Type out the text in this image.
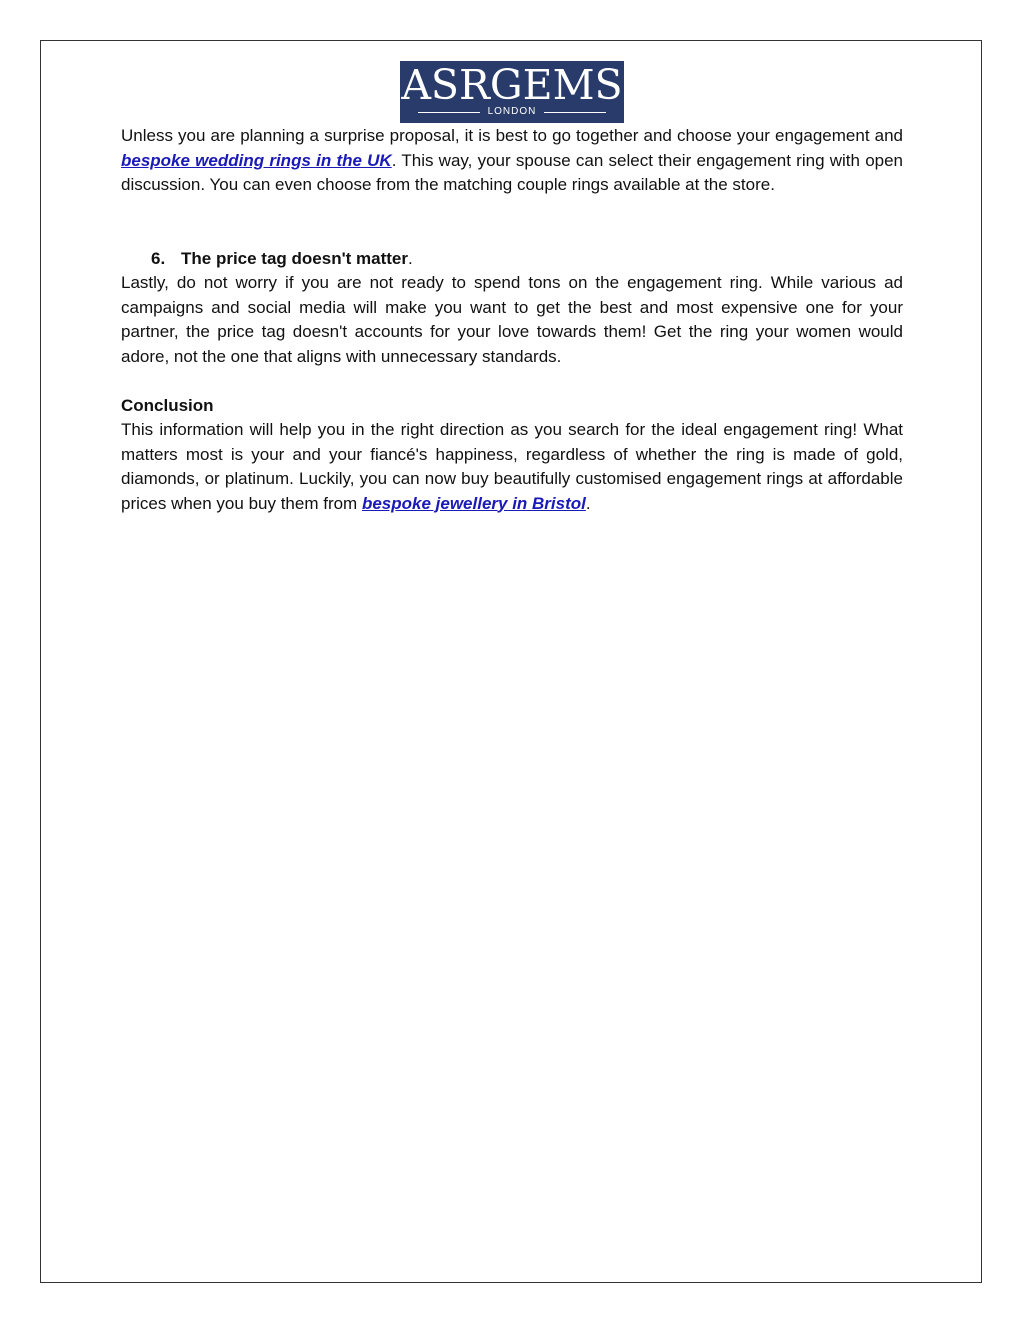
ASRGEMS
LONDON

Unless you are planning a surprise proposal, it is best to go together and choose your engagement and bespoke wedding rings in the UK. This way, your spouse can select their engagement ring with open discussion. You can even choose from the matching couple rings available at the store.

6. The price tag doesn't matter.

Lastly, do not worry if you are not ready to spend tons on the engagement ring. While various ad campaigns and social media will make you want to get the best and most expensive one for your partner, the price tag doesn't accounts for your love towards them! Get the ring your women would adore, not the one that aligns with unnecessary standards.

Conclusion

This information will help you in the right direction as you search for the ideal engagement ring! What matters most is your and your fiancé's happiness, regardless of whether the ring is made of gold, diamonds, or platinum. Luckily, you can now buy beautifully customised engagement rings at affordable prices when you buy them from bespoke jewellery in Bristol.
